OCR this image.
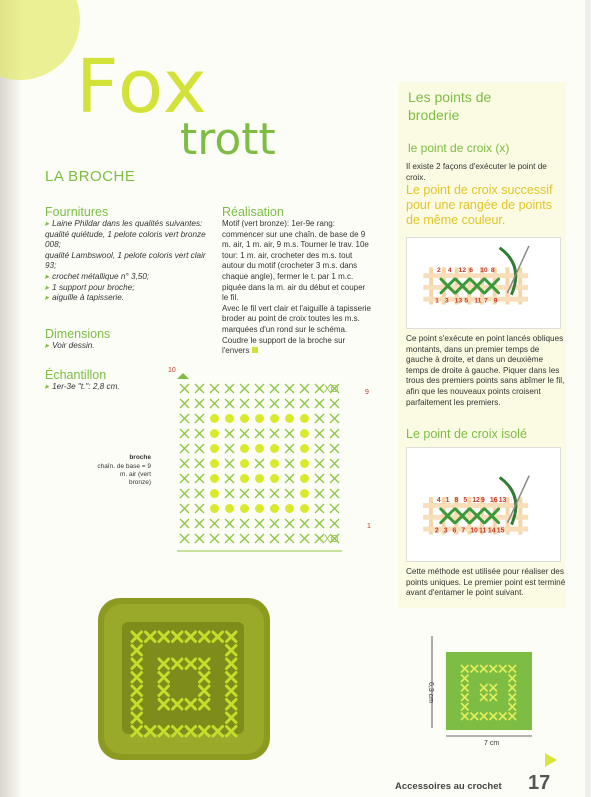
Fox
trott
LA BROCHE
Fournitures

▸ Laine Phildar dans les qualités suivantes: qualité quiétude, 1 pelote coloris vert bronze 008;

qualité Lambswool, 1 pelote coloris vert clair 93;

▸ crochet métallique n° 3,50;

▸ 1 support pour broche;

▸ aiguille à tapisserie.

Dimensions

▸ Voir dessin.

Échantillon

▸ 1er-3e "t.": 2,8 cm.

Réalisation

Motif (vert bronze): 1er-9e rang: commencer sur une chaîn. de base de 9 m. air, 1 m. air, 9 m.s. Tourner le trav. 10e tour: 1 m. air, crocheter des m.s. tout autour du motif (crocheter 3 m.s. dans chaque angle), fermer le t. par 1 m.c. piquée dans la m. air du début et couper le fil.

Avec le fil vert clair et l'aiguille à tapisserie broder au point de croix toutes les m.s. marquées d'un rond sur le schéma.

Coudre le support de la broche sur l'envers

10
9
1
XO
XO
broche
chaîn. de base = 9 m. air (vert bronze)
6,3 cm
7 cm
Les points de broderie
le point de croix (x)

Il existe 2 façons d'exécuter le point de croix.

Le point de croix successif
pour une rangée de points de même couleur.
2 4 12 6 10 8
1 3 13 5 11 7 9

Ce point s'exécute en point lancés obliques montants, dans un premier temps de gauche à droite, et dans un deuxième temps de droite à gauche. Piquer dans les trous des premiers points sans abîmer le fil, afin que les nouveaux points croisent parfaitement les premiers.

Le point de croix isolé
4 1 8 5 12 9 16 13
2 3 6 7 10 11 14 15

Cette méthode est utilisée pour réaliser des points uniques. Le premier point est terminé avant d'entamer le point suivant.

Accessoires au crochet 17
